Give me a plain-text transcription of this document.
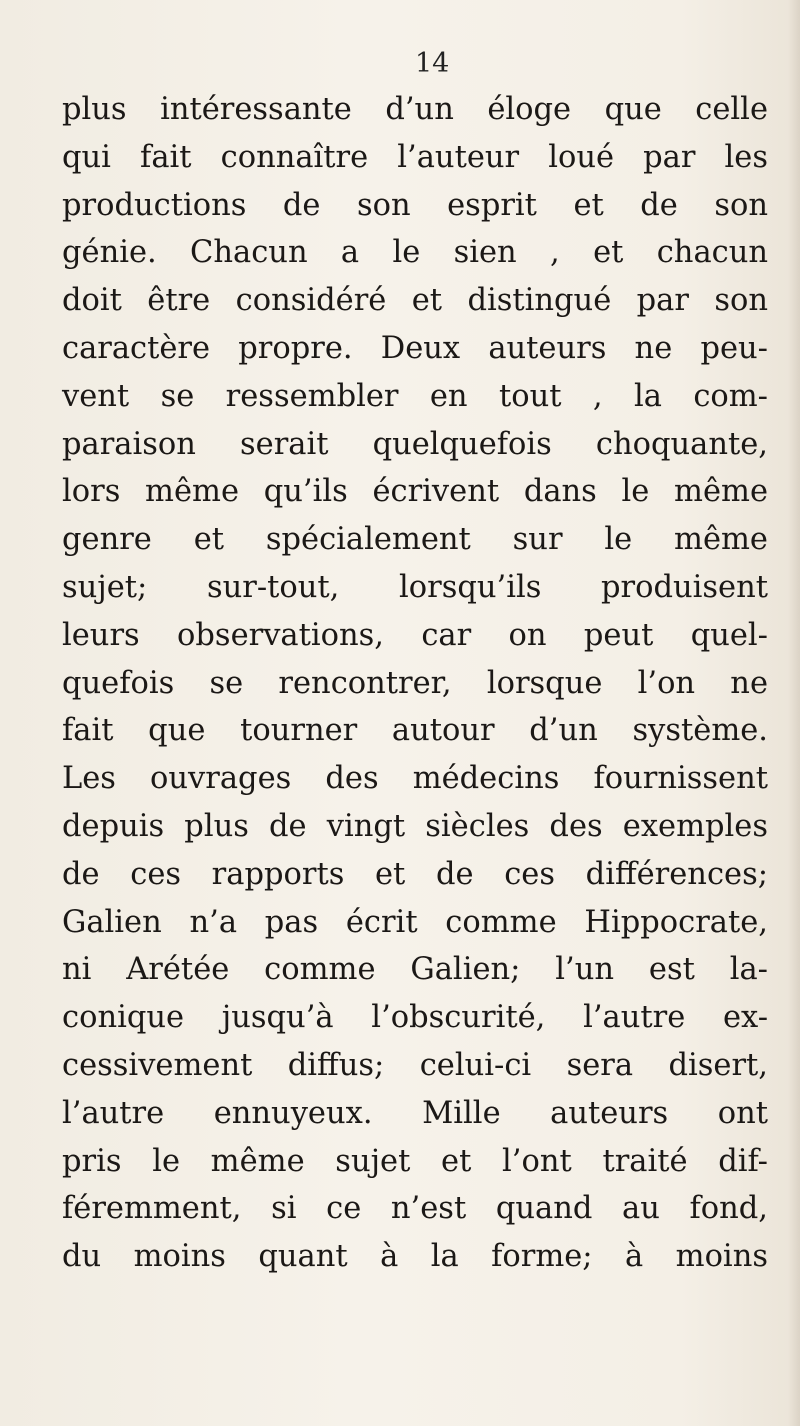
14
plus intéressante d’un éloge que celle
qui fait connaître l’auteur loué par les
productions de son esprit et de son
génie. Chacun a le sien , et chacun
doit être considéré et distingué par son
caractère propre. Deux auteurs ne peu-
vent se ressembler en tout , la com-
paraison serait quelquefois choquante,
lors même qu’ils écrivent dans le même
genre et spécialement sur le même
sujet; sur-tout, lorsqu’ils produisent
leurs observations, car on peut quel-
quefois se rencontrer, lorsque l’on ne
fait que tourner autour d’un système.
Les ouvrages des médecins fournissent
depuis plus de vingt siècles des exemples
de ces rapports et de ces différences;
Galien n’a pas écrit comme Hippocrate,
ni Arétée comme Galien; l’un est la-
conique jusqu’à l’obscurité, l’autre ex-
cessivement diffus; celui-ci sera disert,
l’autre ennuyeux. Mille auteurs ont
pris le même sujet et l’ont traité dif-
féremment, si ce n’est quand au fond,
du moins quant à la forme; à moins
